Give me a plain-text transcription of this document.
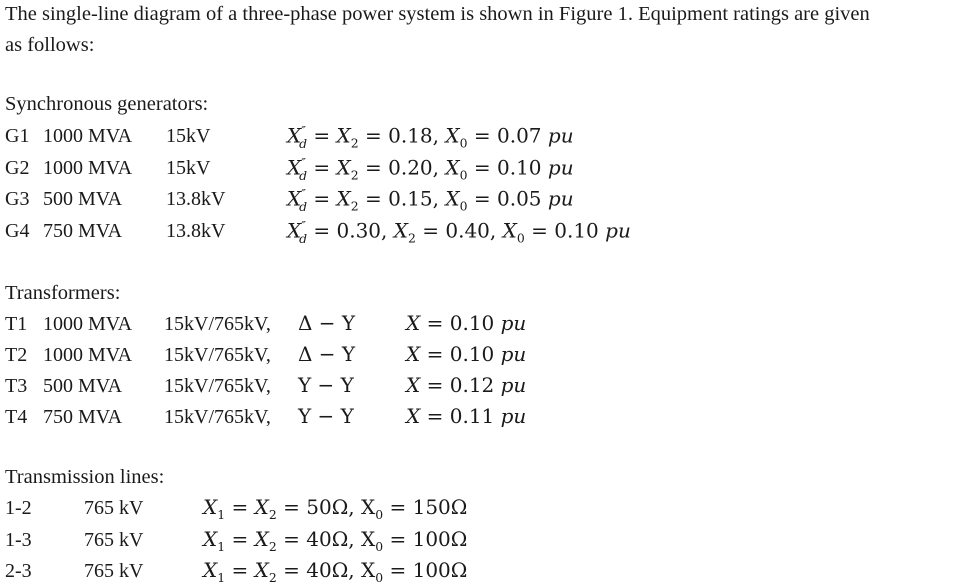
The single-line diagram of a three-phase power system is shown in Figure 1. Equipment ratings are given
as follows:
Synchronous generators:
G1 1000 MVA 15kV	$X''_d = X_2 = 0.18$, $X_0 = 0.07$ pu
G2 1000 MVA 15kV	$X''_d = X_2 = 0.20$, $X_0 = 0.10$ pu
G3 500 MVA 13.8kV	$X''_d = X_2 = 0.15$, $X_0 = 0.05$ pu
G4 750 MVA 13.8kV	$X''_d = 0.30$, $X_2 = 0.40$, $X_0 = 0.10$ pu
Transformers:
T1 1000 MVA 15kV/765kV, Δ − Y	X = 0.10 pu
T2 1000 MVA 15kV/765kV, Δ − Y	X = 0.10 pu
T3 500 MVA 15kV/765kV, Y − Y	X = 0.12 pu
T4 750 MVA 15kV/765kV, Y − Y	X = 0.11 pu
Transmission lines:
1-2	765 kV	$X_1 = X_2 = 50\Omega$, $X_0 = 150\Omega$
1-3	765 kV	$X_1 = X_2 = 40\Omega$, $X_0 = 100\Omega$
2-3	765 kV	$X_1 = X_2 = 40\Omega$, $X_0 = 100\Omega$
